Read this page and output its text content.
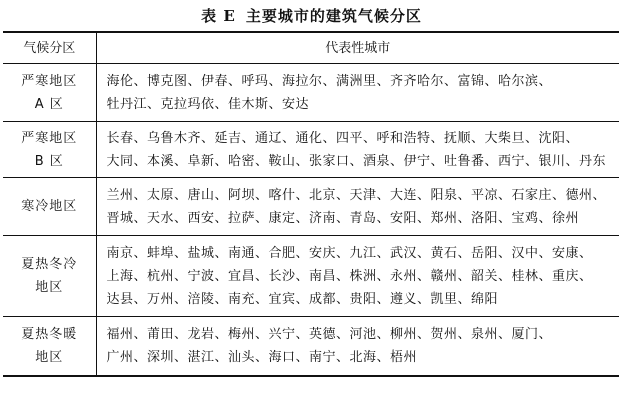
表 E 主要城市的建筑气候分区
气候分区	代表性城市

严寒地区
A 区	海伦、博克图、伊春、呼玛、海拉尔、满洲里、齐齐哈尔、富锦、哈尔滨、
牡丹江、克拉玛依、佳木斯、安达

严寒地区
B 区	长春、乌鲁木齐、延吉、通辽、通化、四平、呼和浩特、抚顺、大柴旦、沈阳、
大同、本溪、阜新、哈密、鞍山、张家口、酒泉、伊宁、吐鲁番、西宁、银川、丹东

寒冷地区	兰州、太原、唐山、阿坝、喀什、北京、天津、大连、阳泉、平凉、石家庄、德州、
晋城、天水、西安、拉萨、康定、济南、青岛、安阳、郑州、洛阳、宝鸡、徐州

夏热冬冷
地区	南京、蚌埠、盐城、南通、合肥、安庆、九江、武汉、黄石、岳阳、汉中、安康、
上海、杭州、宁波、宜昌、长沙、南昌、株洲、永州、赣州、韶关、桂林、重庆、
达县、万州、涪陵、南充、宜宾、成都、贵阳、遵义、凯里、绵阳

夏热冬暖
地区	福州、莆田、龙岩、梅州、兴宁、英德、河池、柳州、贺州、泉州、厦门、
广州、深圳、湛江、汕头、海口、南宁、北海、梧州
